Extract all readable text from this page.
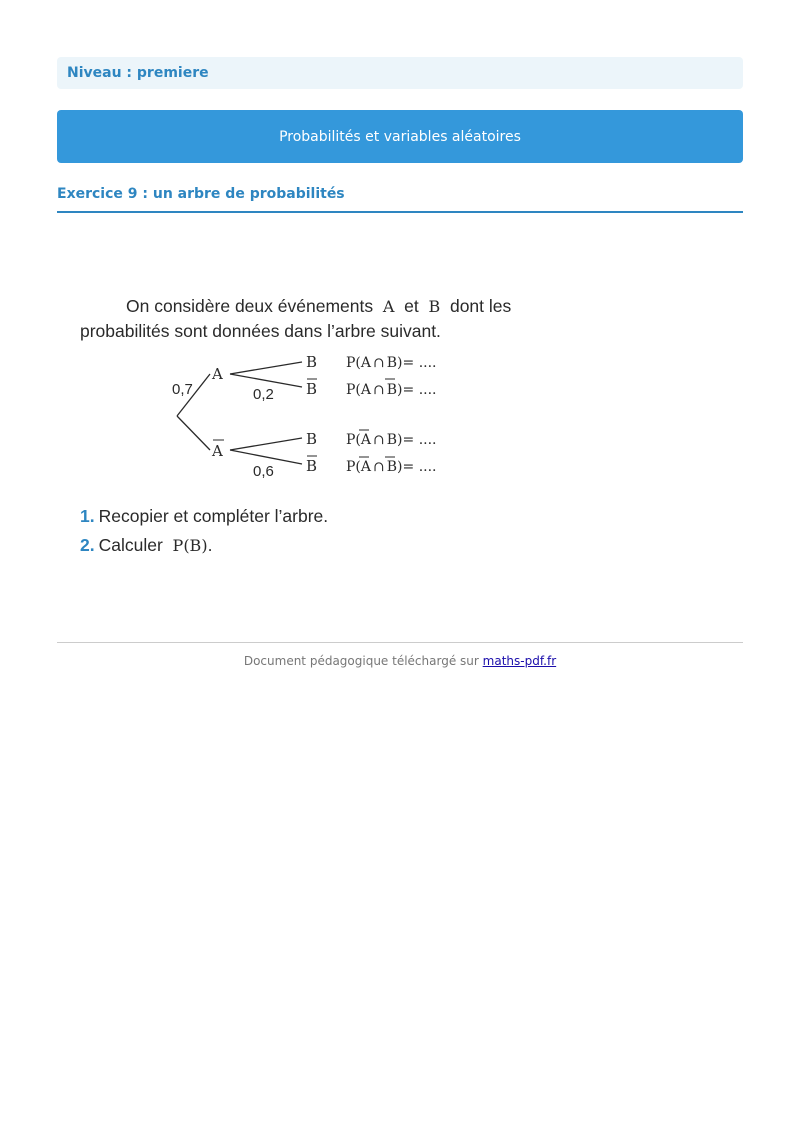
Niveau : premiere
Probabilités et variables aléatoires
Exercice 9 : un arbre de probabilités

On considère deux événements A et B dont les probabilités sont données dans l’arbre suivant.

0,7	0,2
0,6
A
A
B
B
B
B
P(A ∩ B)= ....
P(A ∩ B)= ....
P(A ∩ B)= ....
P(A ∩ B)= ....
1. Recopier et compléter l’arbre.
2. Calculer P(B).
Document pédagogique téléchargé sur maths-pdf.fr
